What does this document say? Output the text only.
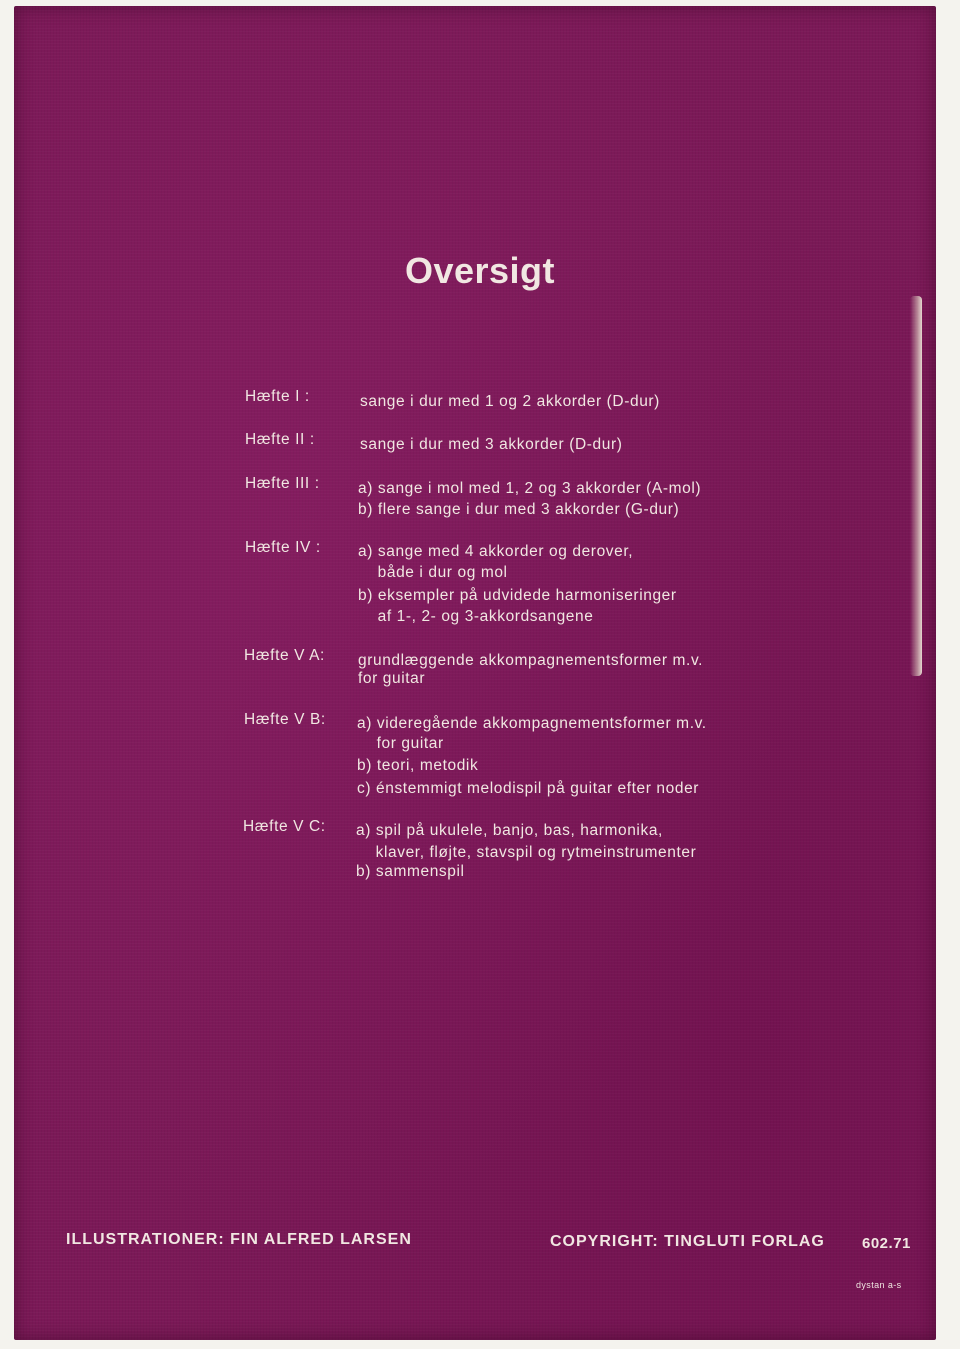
Oversigt
Hæfte I :	sange i dur med 1 og 2 akkorder (D-dur)
Hæfte II :	sange i dur med 3 akkorder (D-dur)
Hæfte III : a) sange i mol med 1, 2 og 3 akkorder (A-mol)
b) flere sange i dur med 3 akkorder (G-dur)
Hæfte IV : a) sange med 4 akkorder og derover,
både i dur og mol
b) eksempler på udvidede harmoniseringer
af 1-, 2- og 3-akkordsangene
Hæfte V A: grundlæggende akkompagnementsformer m.v.
for guitar
Hæfte V B: a) videregående akkompagnementsformer m.v.
for guitar
b) teori, metodik
c) énstemmigt melodispil på guitar efter noder
Hæfte V C: a) spil på ukulele, banjo, bas, harmonika,
klaver, fløjte, stavspil og rytmeinstrumenter
b) sammenspil
ILLUSTRATIONER: FIN ALFRED LARSEN	COPYRIGHT: TINGLUTI FORLAG 602.71
dystan a-s
